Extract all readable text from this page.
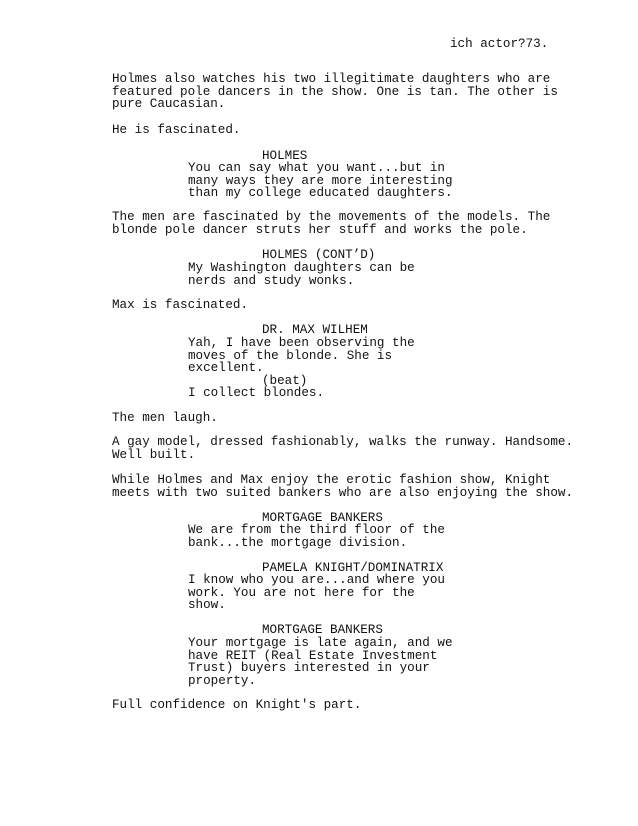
ich actor?73.
Holmes also watches his two illegitimate daughters who are
featured pole dancers in the show. One is tan. The other is
pure Caucasian.
He is fascinated.
HOLMES
You can say what you want...but in
many ways they are more interesting
than my college educated daughters.
The men are fascinated by the movements of the models. The
blonde pole dancer struts her stuff and works the pole.
HOLMES (CONT’D)
My Washington daughters can be
nerds and study wonks.
Max is fascinated.
DR. MAX WILHEM
Yah, I have been observing the
moves of the blonde. She is
excellent.
(beat)
I collect blondes.
The men laugh.
A gay model, dressed fashionably, walks the runway. Handsome.
Well built.
While Holmes and Max enjoy the erotic fashion show, Knight
meets with two suited bankers who are also enjoying the show.
MORTGAGE BANKERS
We are from the third floor of the
bank...the mortgage division.
PAMELA KNIGHT/DOMINATRIX
I know who you are...and where you
work. You are not here for the
show.
MORTGAGE BANKERS
Your mortgage is late again, and we
have REIT (Real Estate Investment
Trust) buyers interested in your
property.
Full confidence on Knight's part.
